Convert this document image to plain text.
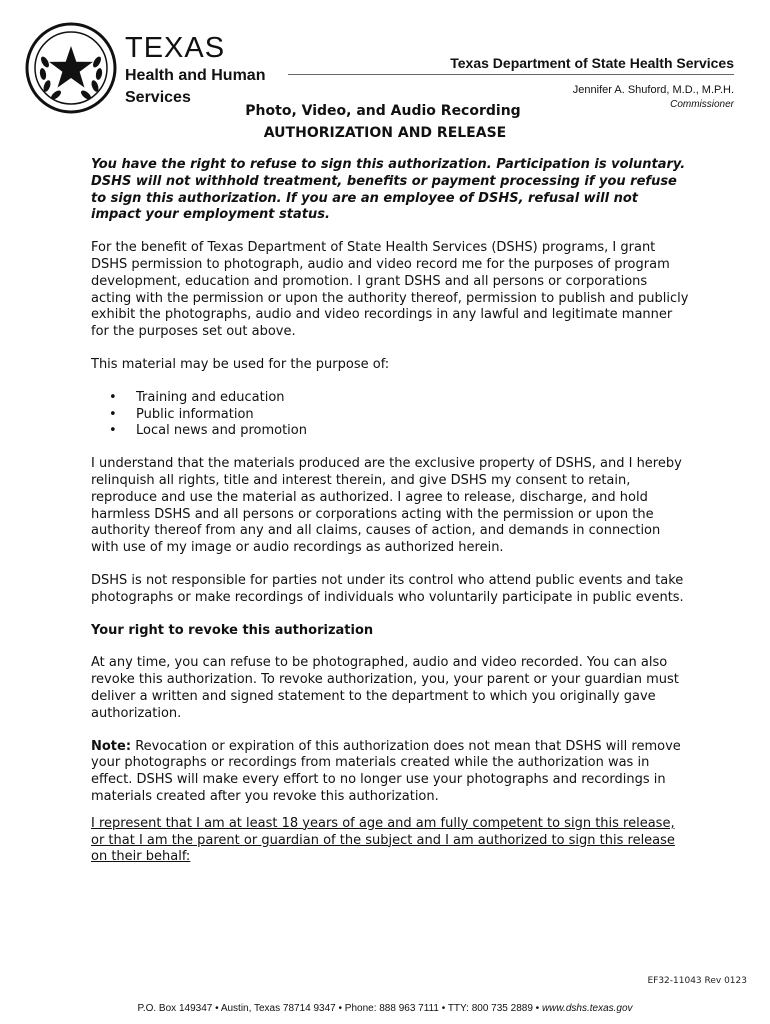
TEXAS
Health and Human
Services
Texas Department of State Health Services
Jennifer A. Shuford, M.D., M.P.H.
Commissioner
Photo, Video, and Audio Recording
AUTHORIZATION AND RELEASE

You have the right to refuse to sign this authorization. Participation is voluntary. DSHS will not withhold treatment, benefits or payment processing if you refuse to sign this authorization. If you are an employee of DSHS, refusal will not impact your employment status.

For the benefit of Texas Department of State Health Services (DSHS) programs, I grant DSHS permission to photograph, audio and video record me for the purposes of program development, education and promotion. I grant DSHS and all persons or corporations acting with the permission or upon the authority thereof, permission to publish and publicly exhibit the photographs, audio and video recordings in any lawful and legitimate manner for the purposes set out above.

This material may be used for the purpose of:

• Training and education
• Public information
• Local news and promotion

I understand that the materials produced are the exclusive property of DSHS, and I hereby relinquish all rights, title and interest therein, and give DSHS my consent to retain, reproduce and use the material as authorized. I agree to release, discharge, and hold harmless DSHS and all persons or corporations acting with the permission or upon the authority thereof from any and all claims, causes of action, and demands in connection with use of my image or audio recordings as authorized herein.

DSHS is not responsible for parties not under its control who attend public events and take photographs or make recordings of individuals who voluntarily participate in public events.

Your right to revoke this authorization

At any time, you can refuse to be photographed, audio and video recorded. You can also revoke this authorization. To revoke authorization, you, your parent or your guardian must deliver a written and signed statement to the department to which you originally gave authorization.

Note: Revocation or expiration of this authorization does not mean that DSHS will remove your photographs or recordings from materials created while the authorization was in effect. DSHS will make every effort to no longer use your photographs and recordings in materials created after you revoke this authorization.

I represent that I am at least 18 years of age and am fully competent to sign this release, or that I am the parent or guardian of the subject and I am authorized to sign this release on their behalf:

EF32-11043 Rev 0123
P.O. Box 149347 • Austin, Texas 78714 9347 • Phone: 888 963 7111 • TTY: 800 735 2889 • www.dshs.texas.gov
